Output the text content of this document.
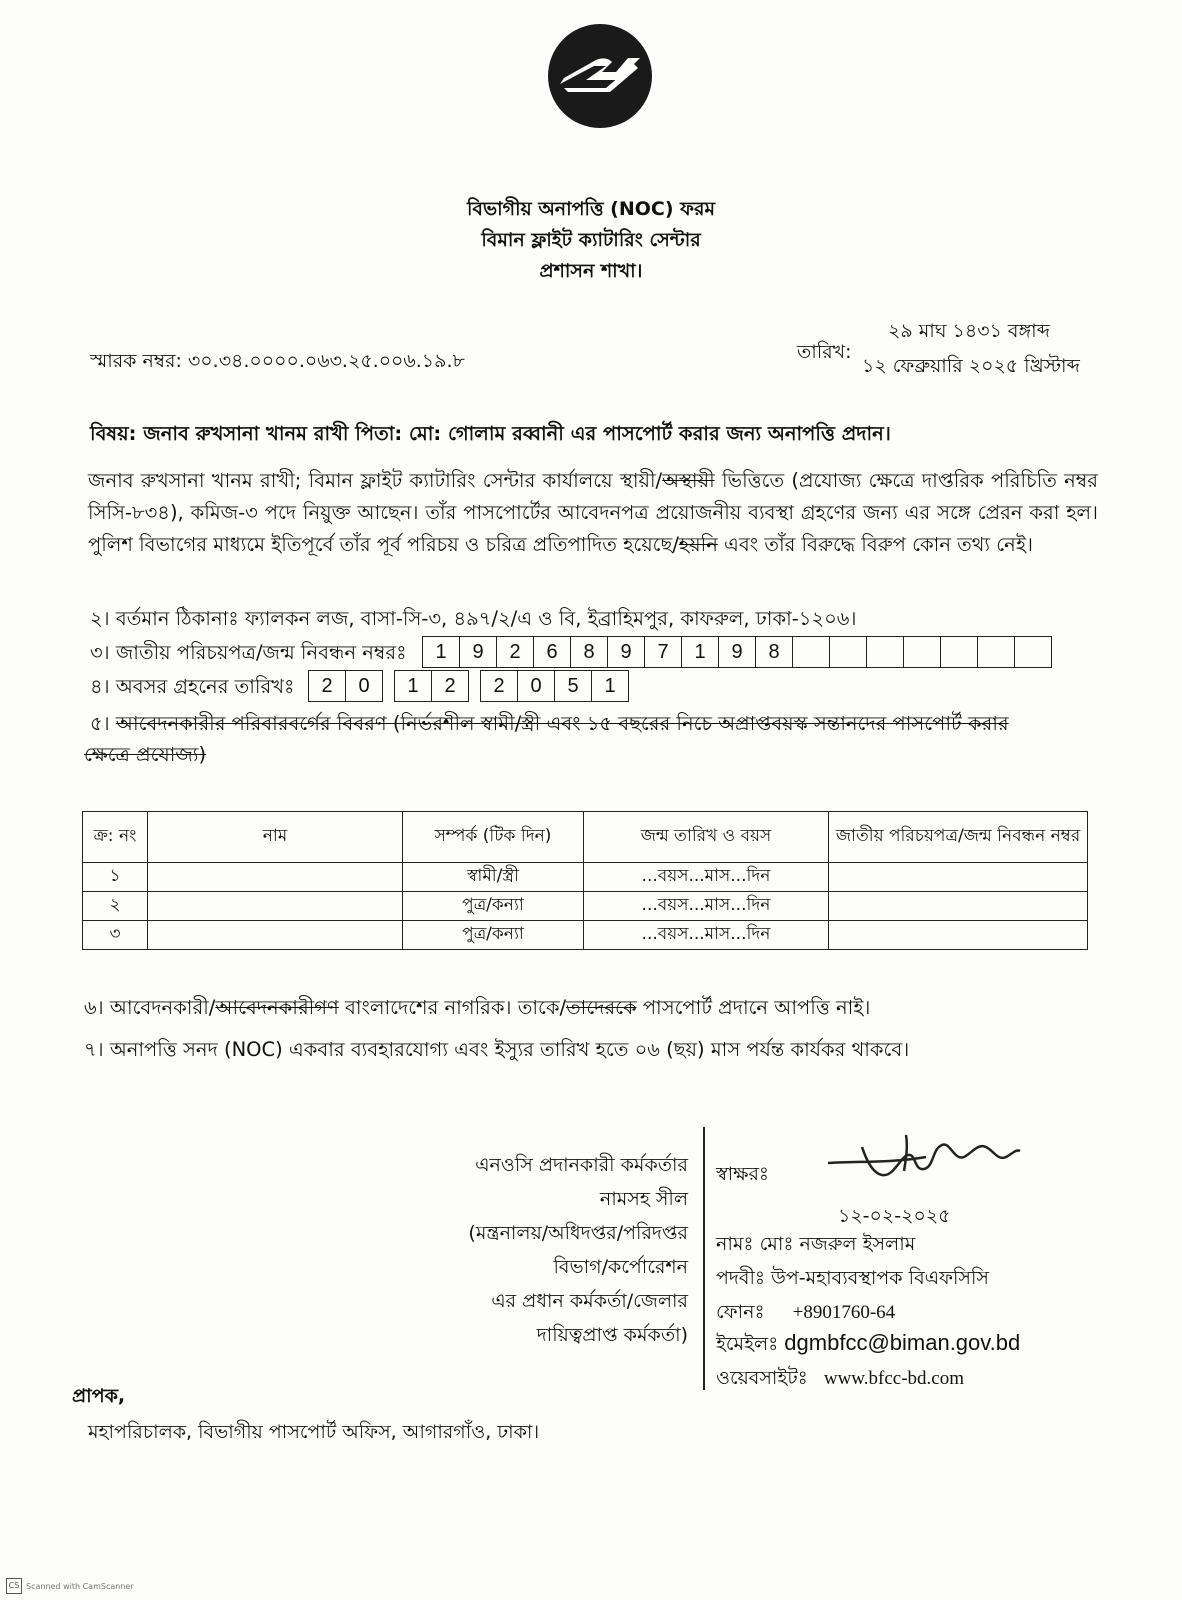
বিভাগীয় অনাপত্তি (NOC) ফরম
বিমান ফ্লাইট ক্যাটারিং সেন্টার
প্রশাসন শাখা।
স্মারক নম্বর: ৩০.৩৪.০০০০.০৬৩.২৫.০০৬.১৯.৮	তারিখ:
২৯ মাঘ ১৪৩১ বঙ্গাব্দ
১২ ফেব্রুয়ারি ২০২৫ খ্রিস্টাব্দ
বিষয়: জনাব রুখসানা খানম রাখী পিতা: মো: গোলাম রব্বানী এর পাসপোর্ট করার জন্য অনাপত্তি প্রদান।
জনাব রুখসানা খানম রাখী; বিমান ফ্লাইট ক্যাটারিং সেন্টার কার্যালয়ে স্থায়ী/অস্থায়ী ভিত্তিতে (প্রযোজ্য ক্ষেত্রে দাপ্তরিক পরিচিতি নম্বর সিসি-৮৩৪), কমিজ-৩ পদে নিয়ুক্ত আছেন। তাঁর পাসপোর্টের আবেদনপত্র প্রয়োজনীয় ব্যবস্থা গ্রহণের জন্য এর সঙ্গে প্রেরন করা হল। পুলিশ বিভাগের মাধ্যমে ইতিপূর্বে তাঁর পূর্ব পরিচয় ও চরিত্র প্রতিপাদিত হয়েছে/হয়নি এবং তাঁর বিরুদ্ধে বিরুপ কোন তথ্য নেই।
২। বর্তমান ঠিকানাঃ ফ্যালকন লজ, বাসা-সি-৩, ৪৯৭/২/এ ও বি, ইব্রাহিমপুর, কাফরুল, ঢাকা-১২০৬।
৩। জাতীয় পরিচয়পত্র/জন্ম নিবন্ধন নম্বরঃ	1	9	2	6	8	9	7	1	9	8
৪। অবসর গ্রহনের তারিখঃ	2	0	1	2	2	0	5	1
৫। আবেদনকারীর পরিবারবর্গের বিবরণ (নির্ভরশীল স্বামী/স্ত্রী এবং ১৫ বছরের নিচে অপ্রাপ্তবয়স্ক সন্তানদের পাসপোর্ট করার
ক্ষেত্রে প্রযোজ্য)
ক্র: নং	নাম	সম্পর্ক (টিক দিন)	জন্ম তারিখ ও বয়স	জাতীয় পরিচয়পত্র/জন্ম নিবন্ধন নম্বর
১		স্বামী/স্ত্রী	...বয়স...মাস...দিন	
২		পুত্র/কন্যা	...বয়স...মাস...দিন	
৩		পুত্র/কন্যা	...বয়স...মাস...দিন	
৬। আবেদনকারী/আবেদনকারীগণ বাংলাদেশের নাগরিক। তাকে/তাদেরকে পাসপোর্ট প্রদানে আপত্তি নাই।
৭। অনাপত্তি সনদ (NOC) একবার ব্যবহারযোগ্য এবং ইস্যুর তারিখ হতে ০৬ (ছয়) মাস পর্যন্ত কার্যকর থাকবে।
এনওসি প্রদানকারী কর্মকর্তার
নামসহ সীল
(মন্ত্রনালয়/অধিদপ্তর/পরিদপ্তর
বিভাগ/কর্পোরেশন
এর প্রধান কর্মকর্তা/জেলার
দায়িত্বপ্রাপ্ত কর্মকর্তা)
স্বাক্ষরঃ
১২-০২-২০২৫
নামঃ মোঃ নজরুল ইসলাম
পদবীঃ উপ-মহাব্যবস্থাপক বিএফসিসি
ফোনঃ +8901760-64
ইমেইলঃ dgmbfcc@biman.gov.bd
ওয়েবসাইটঃ www.bfcc-bd.com
প্রাপক,
মহাপরিচালক, বিভাগীয় পাসপোর্ট অফিস, আগারগাঁও, ঢাকা।
CS Scanned with CamScanner
